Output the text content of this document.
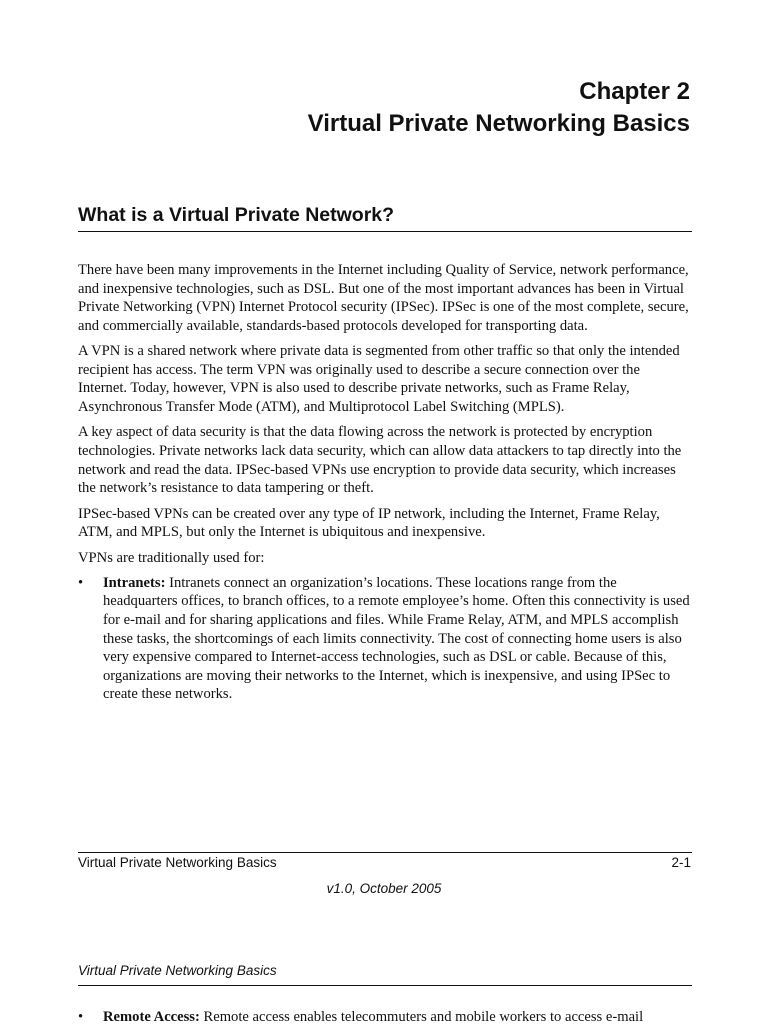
Chapter 2
Virtual Private Networking Basics
What is a Virtual Private Network?

There have been many improvements in the Internet including Quality of Service, network performance, and inexpensive technologies, such as DSL. But one of the most important advances has been in Virtual Private Networking (VPN) Internet Protocol security (IPSec). IPSec is one of the most complete, secure, and commercially available, standards-based protocols developed for transporting data.

A VPN is a shared network where private data is segmented from other traffic so that only the intended recipient has access. The term VPN was originally used to describe a secure connection over the Internet. Today, however, VPN is also used to describe private networks, such as Frame Relay, Asynchronous Transfer Mode (ATM), and Multiprotocol Label Switching (MPLS).

A key aspect of data security is that the data flowing across the network is protected by encryption technologies. Private networks lack data security, which can allow data attackers to tap directly into the network and read the data. IPSec-based VPNs use encryption to provide data security, which increases the network’s resistance to data tampering or theft.

IPSec-based VPNs can be created over any type of IP network, including the Internet, Frame Relay, ATM, and MPLS, but only the Internet is ubiquitous and inexpensive.

VPNs are traditionally used for:

• Intranets: Intranets connect an organization’s locations. These locations range from the headquarters offices, to branch offices, to a remote employee’s home. Often this connectivity is used for e-mail and for sharing applications and files. While Frame Relay, ATM, and MPLS accomplish these tasks, the shortcomings of each limits connectivity. The cost of connecting home users is also very expensive compared to Internet-access technologies, such as DSL or cable. Because of this, organizations are moving their networks to the Internet, which is inexpensive, and using IPSec to create these networks.
Virtual Private Networking Basics	2-1
v1.0, October 2005
Virtual Private Networking Basics
• Remote Access: Remote access enables telecommuters and mobile workers to access e-mail
